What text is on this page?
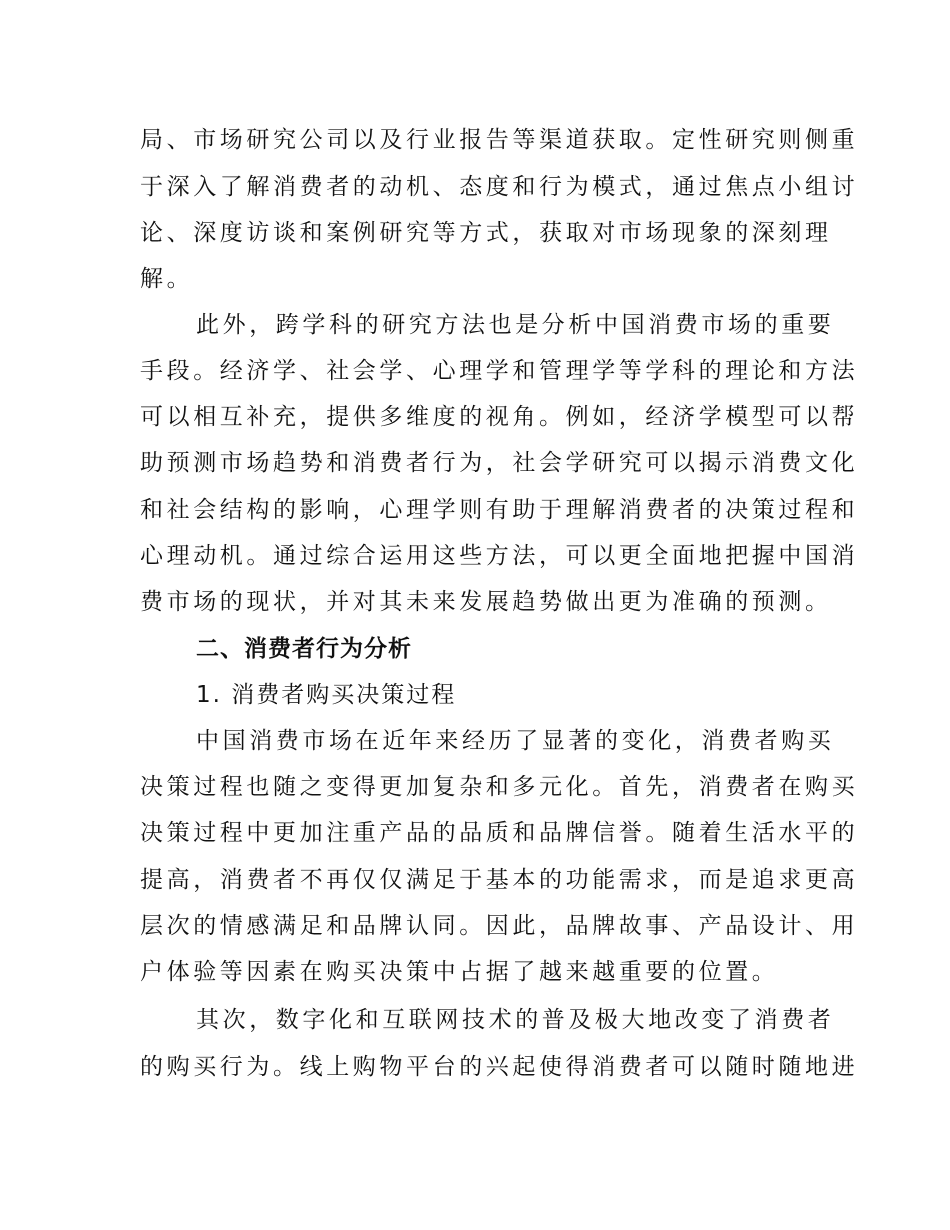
局、市场研究公司以及行业报告等渠道获取。定性研究则侧重
于深入了解消费者的动机、态度和行为模式，通过焦点小组讨
论、深度访谈和案例研究等方式，获取对市场现象的深刻理
解。
此外，跨学科的研究方法也是分析中国消费市场的重要
手段。经济学、社会学、心理学和管理学等学科的理论和方法
可以相互补充，提供多维度的视角。例如，经济学模型可以帮
助预测市场趋势和消费者行为，社会学研究可以揭示消费文化
和社会结构的影响，心理学则有助于理解消费者的决策过程和
心理动机。通过综合运用这些方法，可以更全面地把握中国消
费市场的现状，并对其未来发展趋势做出更为准确的预测。
二、消费者行为分析
1. 消费者购买决策过程
中国消费市场在近年来经历了显著的变化，消费者购买
决策过程也随之变得更加复杂和多元化。首先，消费者在购买
决策过程中更加注重产品的品质和品牌信誉。随着生活水平的
提高，消费者不再仅仅满足于基本的功能需求，而是追求更高
层次的情感满足和品牌认同。因此，品牌故事、产品设计、用
户体验等因素在购买决策中占据了越来越重要的位置。
其次，数字化和互联网技术的普及极大地改变了消费者
的购买行为。线上购物平台的兴起使得消费者可以随时随地进
